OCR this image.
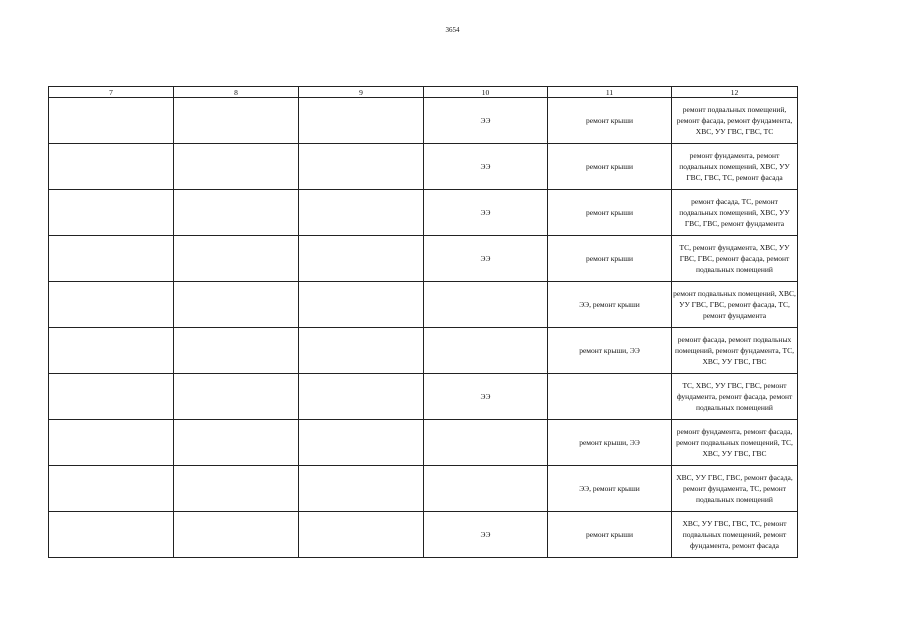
3654
7	8	9	10	11	12
			ЭЭ	ремонт крыши	ремонт подвальных помещений, ремонт фасада, ремонт фундамента, ХВС, УУ ГВС, ГВС, ТС
			ЭЭ	ремонт крыши	ремонт фундамента, ремонт подвальных помещений, ХВС, УУ ГВС, ГВС, ТС, ремонт фасада
			ЭЭ	ремонт крыши	ремонт фасада, ТС, ремонт подвальных помещений, ХВС, УУ ГВС, ГВС, ремонт фундамента
			ЭЭ	ремонт крыши	ТС, ремонт фундамента, ХВС, УУ ГВС, ГВС, ремонт фасада, ремонт подвальных помещений
				ЭЭ, ремонт крыши	ремонт подвальных помещений, ХВС, УУ ГВС, ГВС, ремонт фасада, ТС, ремонт фундамента
				ремонт крыши, ЭЭ	ремонт фасада, ремонт подвальных помещений, ремонт фундамента, ТС, ХВС, УУ ГВС, ГВС
			ЭЭ		ТС, ХВС, УУ ГВС, ГВС, ремонт фундамента, ремонт фасада, ремонт подвальных помещений
				ремонт крыши, ЭЭ	ремонт фундамента, ремонт фасада, ремонт подвальных помещений, ТС, ХВС, УУ ГВС, ГВС
				ЭЭ, ремонт крыши	ХВС, УУ ГВС, ГВС, ремонт фасада, ремонт фундамента, ТС, ремонт подвальных помещений
			ЭЭ	ремонт крыши	ХВС, УУ ГВС, ГВС, ТС, ремонт подвальных помещений, ремонт фундамента, ремонт фасада
